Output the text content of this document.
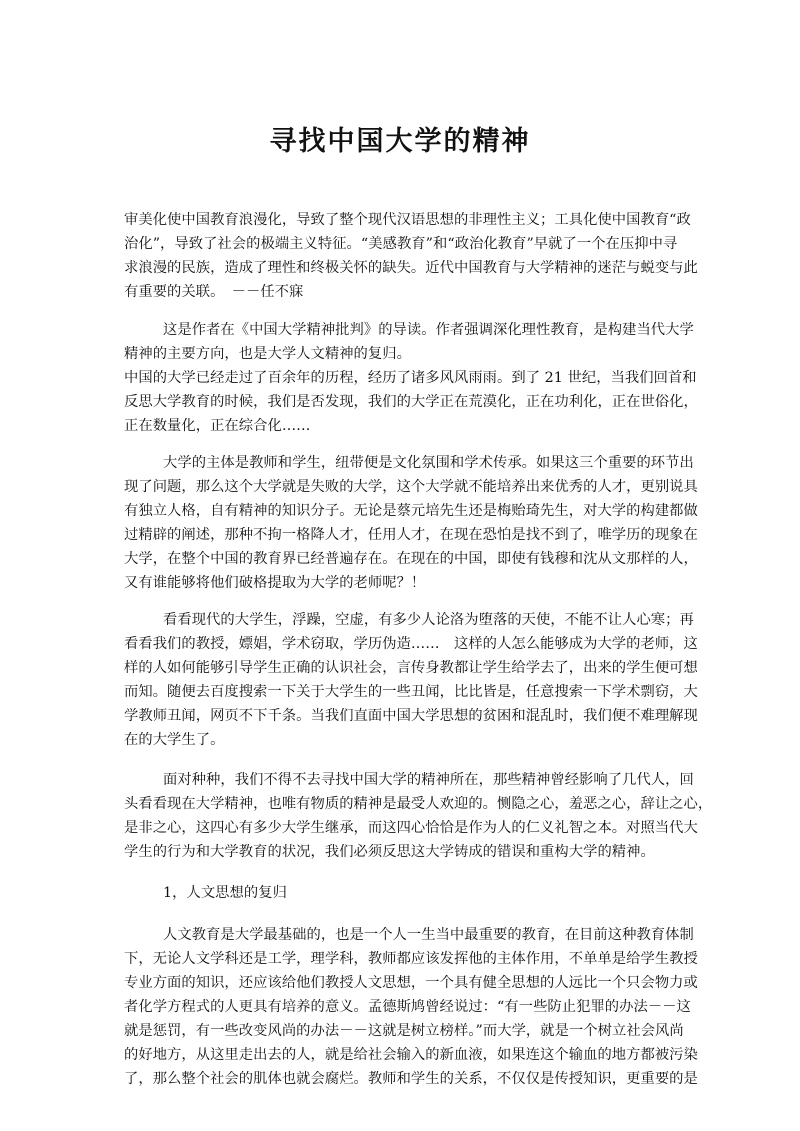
寻找中国大学的精神
审美化使中国教育浪漫化，导致了整个现代汉语思想的非理性主义；工具化使中国教育“政
治化”，导致了社会的极端主义特征。“美感教育”和“政治化教育”早就了一个在压抑中寻
求浪漫的民族，造成了理性和终极关怀的缺失。近代中国教育与大学精神的迷茫与蜕变与此
有重要的关联。　－－任不寐
这是作者在《中国大学精神批判》的导读。作者强调深化理性教育，是构建当代大学
精神的主要方向，也是大学人文精神的复归。
中国的大学已经走过了百余年的历程，经历了诸多风风雨雨。到了 21 世纪，当我们回首和
反思大学教育的时候，我们是否发现，我们的大学正在荒漠化，正在功利化，正在世俗化，
正在数量化，正在综合化……
大学的主体是教师和学生，纽带便是文化氛围和学术传承。如果这三个重要的环节出
现了问题，那么这个大学就是失败的大学，这个大学就不能培养出来优秀的人才，更别说具
有独立人格，自有精神的知识分子。无论是蔡元培先生还是梅贻琦先生，对大学的构建都做
过精辟的阐述，那种不拘一格降人才，任用人才，在现在恐怕是找不到了，唯学历的现象在
大学，在整个中国的教育界已经普遍存在。在现在的中国，即使有钱穆和沈从文那样的人，
又有谁能够将他们破格提取为大学的老师呢？！
看看现代的大学生，浮躁，空虚，有多少人论洛为堕落的天使，不能不让人心寒；再
看看我们的教授，嫖娼，学术窃取，学历伪造……　这样的人怎么能够成为大学的老师，这
样的人如何能够引导学生正确的认识社会，言传身教都让学生给学去了，出来的学生便可想
而知。随便去百度搜索一下关于大学生的一些丑闻，比比皆是，任意搜索一下学术剽窃，大
学教师丑闻，网页不下千条。当我们直面中国大学思想的贫困和混乱时，我们便不难理解现
在的大学生了。
面对种种，我们不得不去寻找中国大学的精神所在，那些精神曾经影响了几代人，回
头看看现在大学精神，也唯有物质的精神是最受人欢迎的。恻隐之心，羞恶之心，辞让之心，
是非之心，这四心有多少大学生继承，而这四心恰恰是作为人的仁义礼智之本。对照当代大
学生的行为和大学教育的状况，我们必须反思这大学铸成的错误和重构大学的精神。
1，人文思想的复归
人文教育是大学最基础的，也是一个人一生当中最重要的教育，在目前这种教育体制
下，无论人文学科还是工学，理学科，教师都应该发挥他的主体作用，不单单是给学生教授
专业方面的知识，还应该给他们教授人文思想，一个具有健全思想的人远比一个只会物力或
者化学方程式的人更具有培养的意义。孟德斯鸠曾经说过：“有一些防止犯罪的办法－－这
就是惩罚，有一些改变风尚的办法－－这就是树立榜样。”而大学，就是一个树立社会风尚
的好地方，从这里走出去的人，就是给社会输入的新血液，如果连这个输血的地方都被污染
了，那么整个社会的肌体也就会腐烂。教师和学生的关系，不仅仅是传授知识，更重要的是
